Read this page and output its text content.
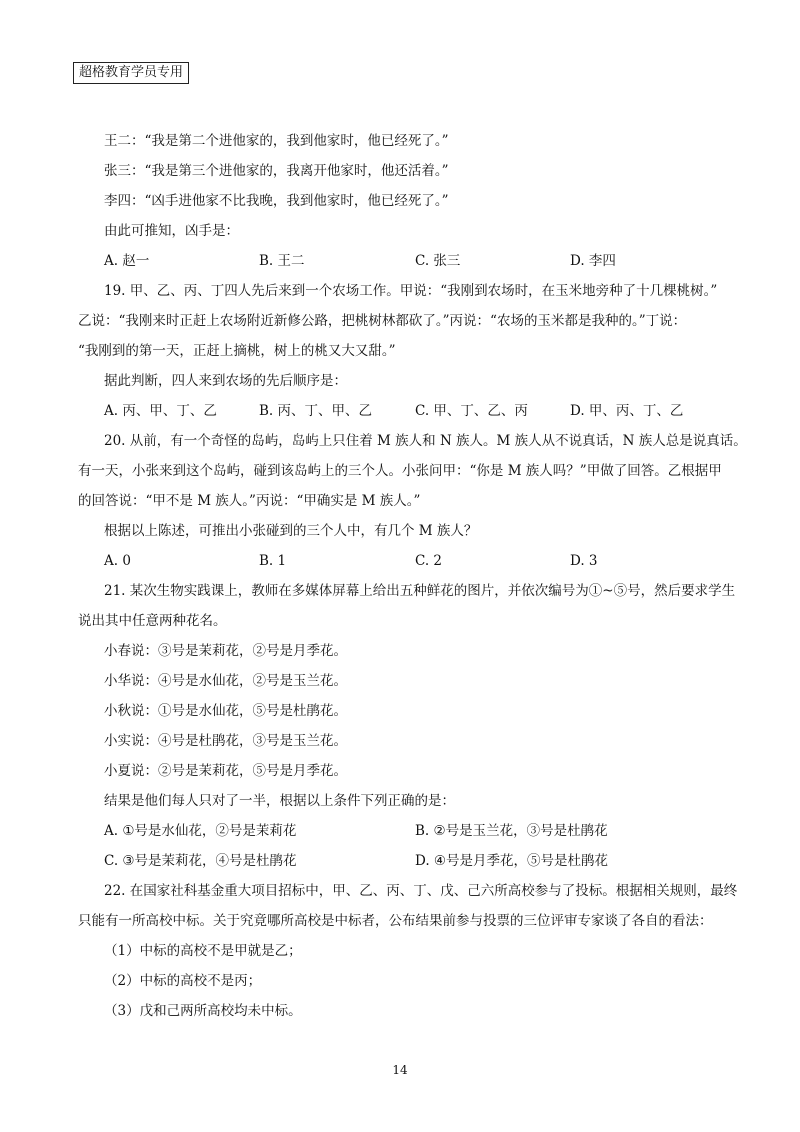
超格教育学员专用
王二：“我是第二个进他家的，我到他家时，他已经死了。”
张三：“我是第三个进他家的，我离开他家时，他还活着。”
李四：“凶手进他家不比我晚，我到他家时，他已经死了。”
由此可推知，凶手是：
A. 赵一	B. 王二	C. 张三	D. 李四
19. 甲、乙、丙、丁四人先后来到一个农场工作。甲说：“我刚到农场时，在玉米地旁种了十几棵桃树。”
乙说：“我刚来时正赶上农场附近新修公路，把桃树林都砍了。”丙说：“农场的玉米都是我种的。”丁说：
“我刚到的第一天，正赶上摘桃，树上的桃又大又甜。”
据此判断，四人来到农场的先后顺序是：
A. 丙、甲、丁、乙	B. 丙、丁、甲、乙	C. 甲、丁、乙、丙	D. 甲、丙、丁、乙
20. 从前，有一个奇怪的岛屿，岛屿上只住着 M 族人和 N 族人。M 族人从不说真话，N 族人总是说真话。
有一天，小张来到这个岛屿，碰到该岛屿上的三个人。小张问甲：“你是 M 族人吗？”甲做了回答。乙根据甲
的回答说：“甲不是 M 族人。”丙说：“甲确实是 M 族人。”
根据以上陈述，可推出小张碰到的三个人中，有几个 M 族人？
A. 0	B. 1	C. 2	D. 3
21. 某次生物实践课上，教师在多媒体屏幕上给出五种鲜花的图片，并依次编号为①~⑤号，然后要求学生
说出其中任意两种花名。
小春说：③号是茉莉花，②号是月季花。
小华说：④号是水仙花，②号是玉兰花。
小秋说：①号是水仙花，⑤号是杜鹃花。
小实说：④号是杜鹃花，③号是玉兰花。
小夏说：②号是茉莉花，⑤号是月季花。
结果是他们每人只对了一半，根据以上条件下列正确的是：
A. ①号是水仙花，②号是茉莉花	B. ②号是玉兰花，③号是杜鹃花
C. ③号是茉莉花，④号是杜鹃花	D. ④号是月季花，⑤号是杜鹃花
22. 在国家社科基金重大项目招标中，甲、乙、丙、丁、戊、己六所高校参与了投标。根据相关规则，最终
只能有一所高校中标。关于究竟哪所高校是中标者，公布结果前参与投票的三位评审专家谈了各自的看法：
（1）中标的高校不是甲就是乙；
（2）中标的高校不是丙；
（3）戊和己两所高校均未中标。
14
